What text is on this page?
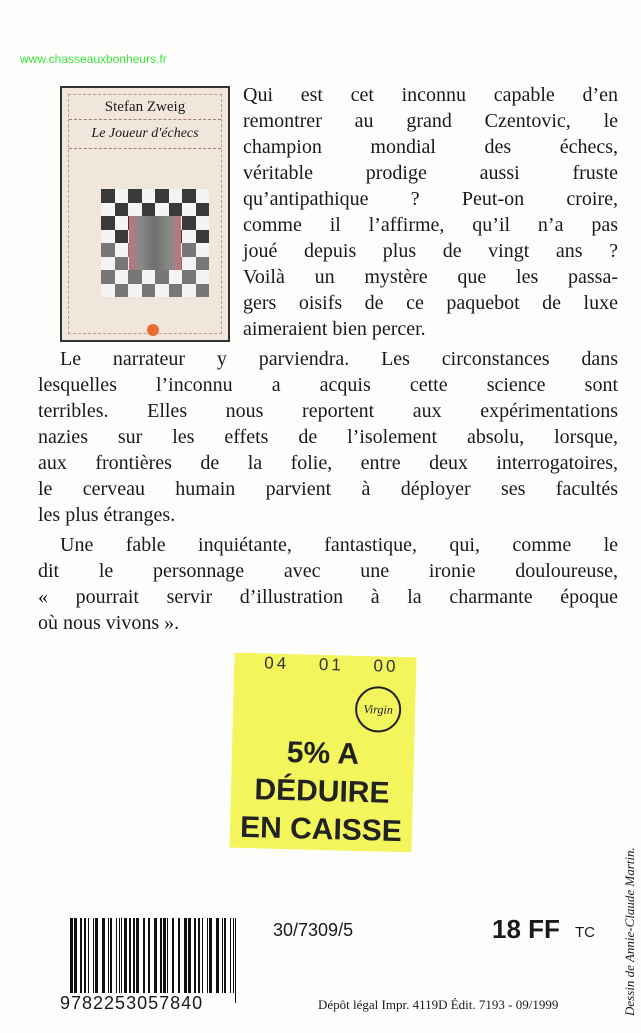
www.chasseauxbonheurs.fr
Stefan Zweig
Le Joueur d'échecs
Qui est cet inconnu capable d’en
remontrer au grand Czentovic, le
champion mondial des échecs,
véritable prodige aussi fruste
qu’antipathique ? Peut-on croire,
comme il l’affirme, qu’il n’a pas
joué depuis plus de vingt ans ?
Voilà un mystère que les passa-
gers oisifs de ce paquebot de luxe
aimeraient bien percer.
Le narrateur y parviendra. Les circonstances dans
lesquelles l’inconnu a acquis cette science sont
terribles. Elles nous reportent aux expérimentations
nazies sur les effets de l’isolement absolu, lorsque,
aux frontières de la folie, entre deux interrogatoires,
le cerveau humain parvient à déployer ses facultés
les plus étranges.
Une fable inquiétante, fantastique, qui, comme le
dit le personnage avec une ironie douloureuse,
« pourrait servir d’illustration à la charmante époque
où nous vivons ».
04 01 00
Virgin
5% A
DÉDUIRE
EN CAISSE
9782253057840
30/7309/5	18 FF TC
Dépôt légal Impr. 4119D Édit. 7193 - 09/1999	Dessin de Annie-Claude Martin.
